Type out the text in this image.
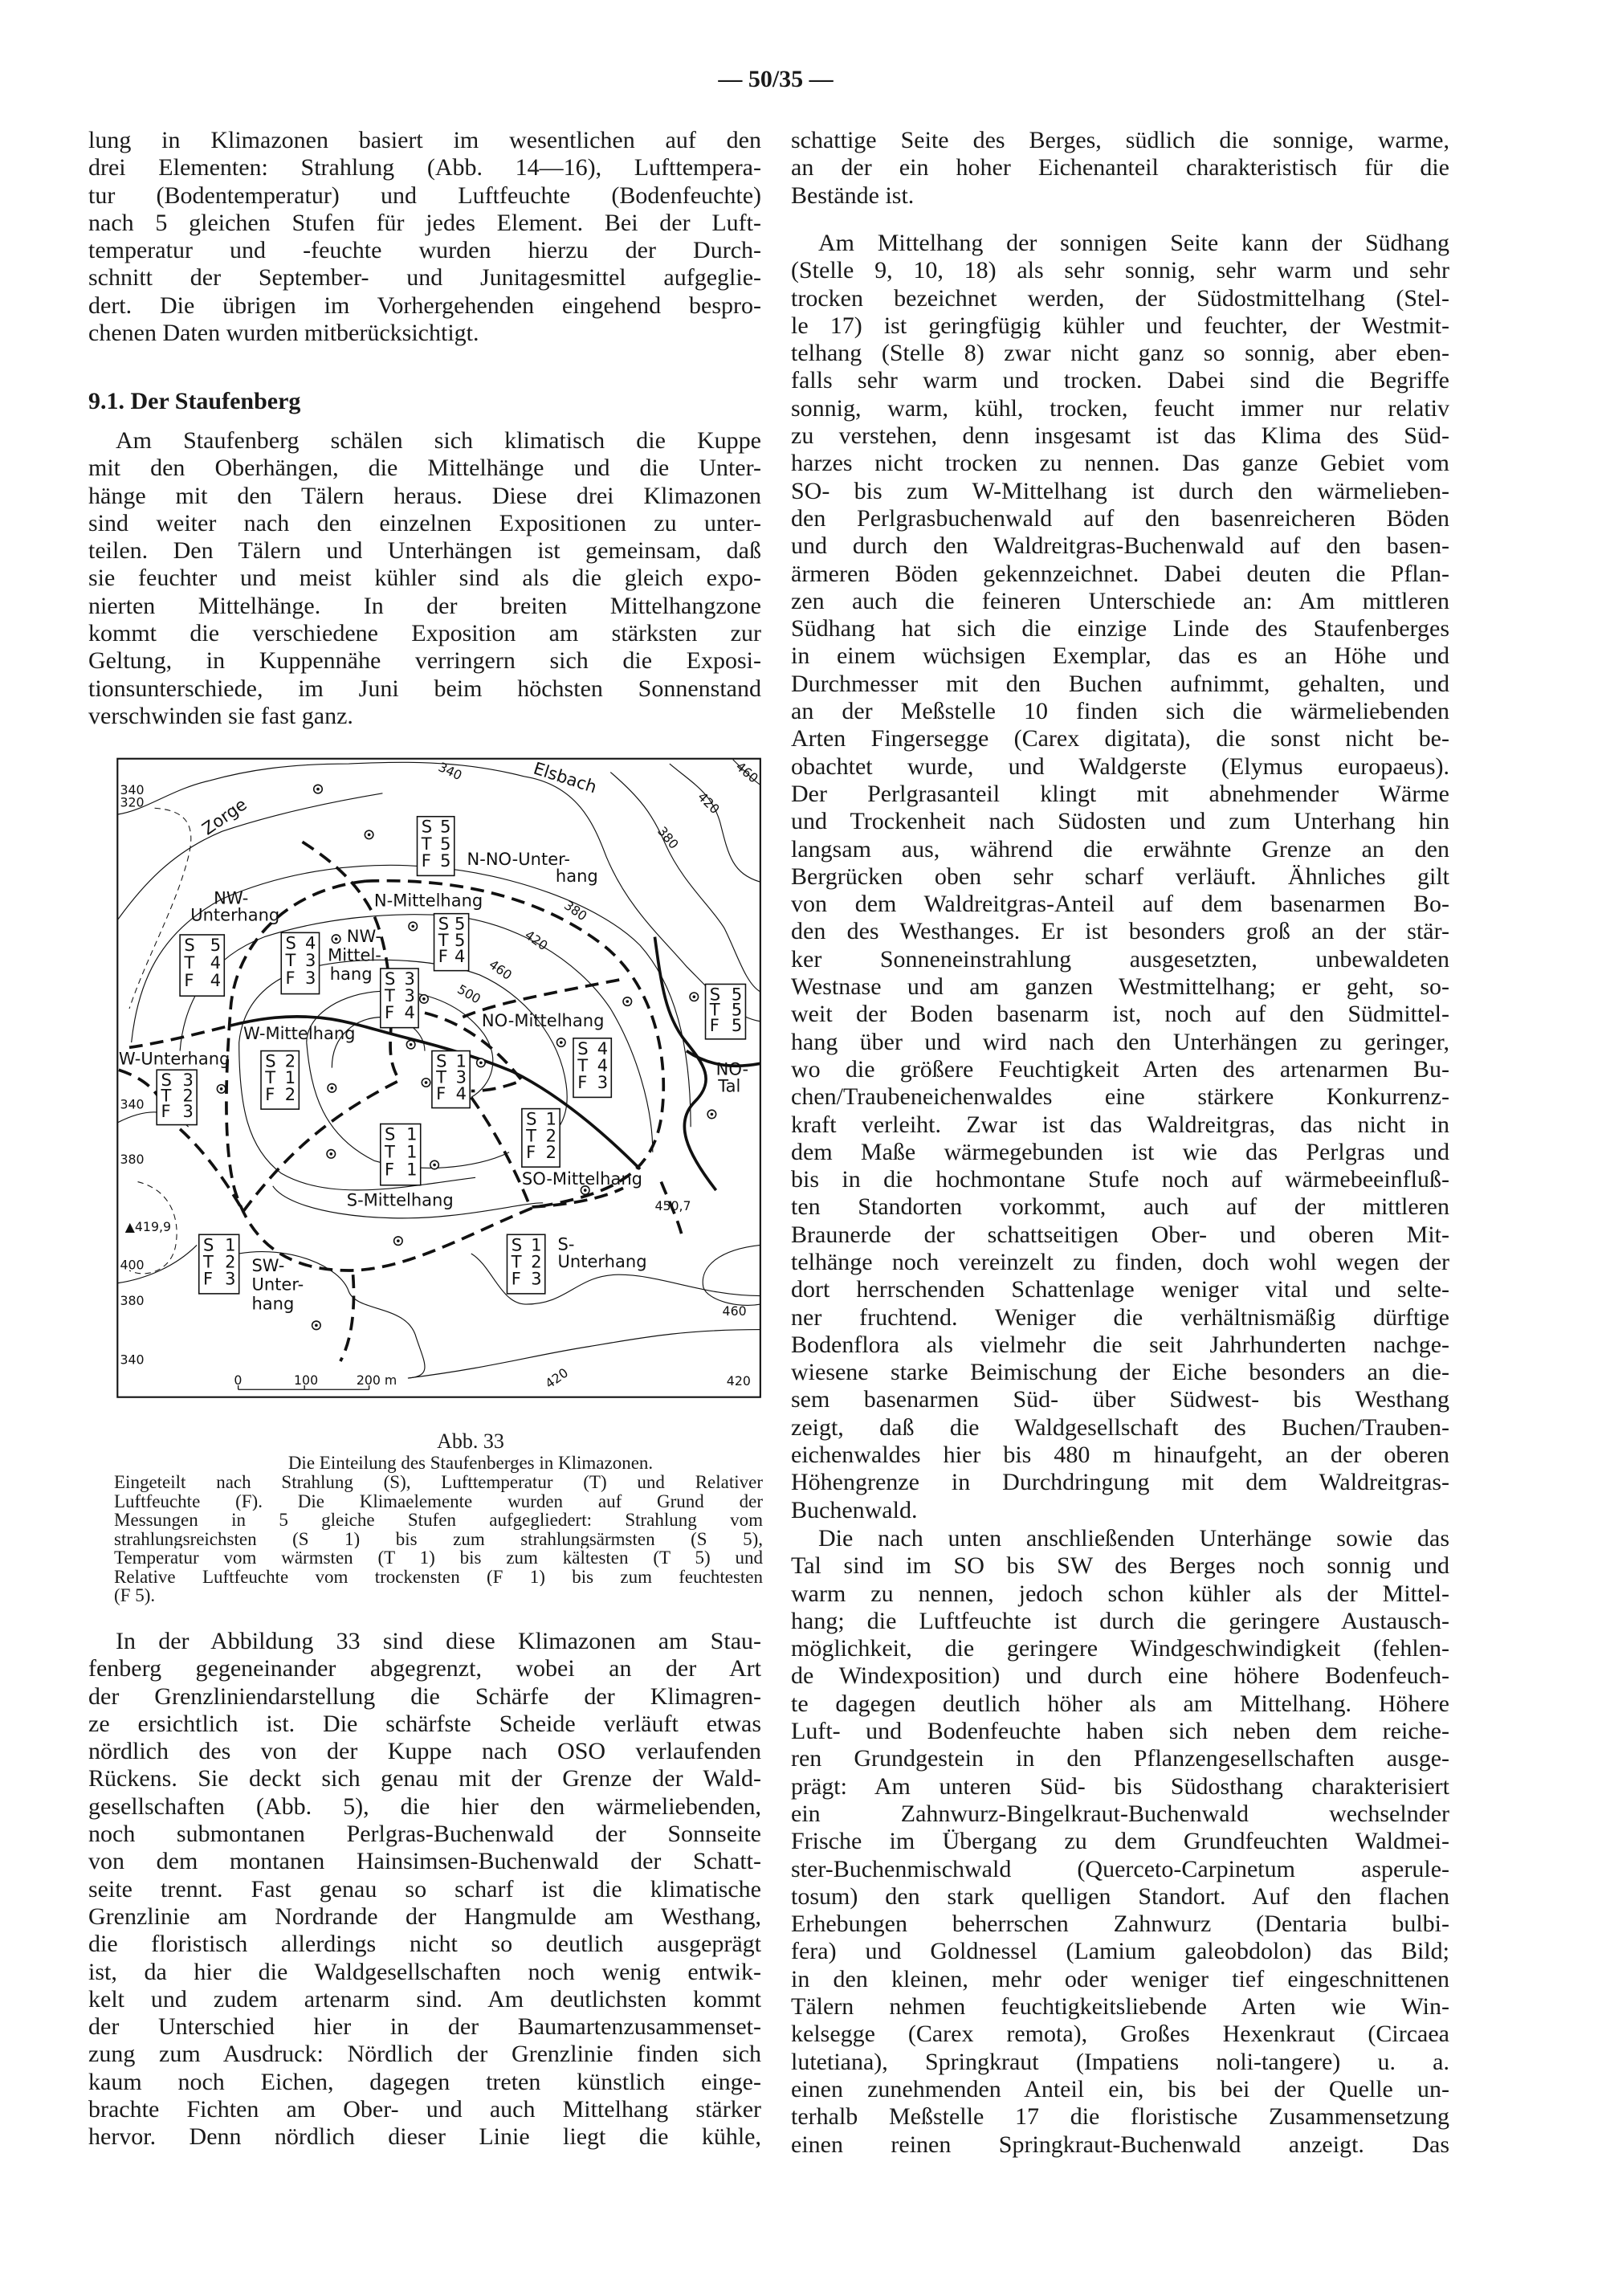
— 50/35 —
lung in Klimazonen basiert im wesentlichen auf den
drei Elementen: Strahlung (Abb. 14—16), Lufttempera-
tur (Bodentemperatur) und Luftfeuchte (Bodenfeuchte)
nach 5 gleichen Stufen für jedes Element. Bei der Luft-
temperatur und -feuchte wurden hierzu der Durch-
schnitt der September- und Junitagesmittel aufgeglie-
dert. Die übrigen im Vorhergehenden eingehend bespro-
chenen Daten wurden mitberücksichtigt.
9.1. Der Staufenberg
Am Staufenberg schälen sich klimatisch die Kuppe
mit den Oberhängen, die Mittelhänge und die Unter-
hänge mit den Tälern heraus. Diese drei Klimazonen
sind weiter nach den einzelnen Expositionen zu unter-
teilen. Den Tälern und Unterhängen ist gemeinsam, daß
sie feuchter und meist kühler sind als die gleich expo-
nierten Mittelhänge. In der breiten Mittelhangzone
kommt die verschiedene Exposition am stärksten zur
Geltung, in Kuppennähe verringern sich die Exposi-
tionsunterschiede, im Juni beim höchsten Sonnenstand
verschwinden sie fast ganz.
S 5
T 5
F 5
S 5
T 5
F 4
S 5
T 4
F 4
S 4
T 3
F 3 S 3
T 3
F 4
S 5
T 5
F 5
S 2
T 1
F 2
S 3
T 2
F 3
S 1
T 3
F 4
S 4
T 4
F 3
S 1
T 2
F 2
S 1
T 1
F 1
S 1
T 2
F 3
S 1
T 2
F 3
N-NO-Unter-
hang
NW-
Unterhang
N-Mittelhang
NW-
Mittel-
hang
W-Mittelhang
NO-Mittelhang
W-Unterhang
NO-
Tal
SO-Mittelhang
S-Mittelhang
S-
Unterhang
SW-
Unter-
hang
Elsbach
Zorge
340
320
340	460
420
380
380
420
460
500
340
380
400
380
340
460
420	420
▲419,9
450,7
0 100 200 m
Abb. 33
Die Einteilung des Staufenberges in Klimazonen.
Eingeteilt nach Strahlung (S), Lufttemperatur (T) und Relativer
Luftfeuchte (F). Die Klimaelemente wurden auf Grund der
Messungen in 5 gleiche Stufen aufgegliedert: Strahlung vom
strahlungsreichsten (S 1) bis zum strahlungsärmsten (S 5),
Temperatur vom wärmsten (T 1) bis zum kältesten (T 5) und
Relative Luftfeuchte vom trockensten (F 1) bis zum feuchtesten
(F 5).
In der Abbildung 33 sind diese Klimazonen am Stau-
fenberg gegeneinander abgegrenzt, wobei an der Art
der Grenzliniendarstellung die Schärfe der Klimagren-
ze ersichtlich ist. Die schärfste Scheide verläuft etwas
nördlich des von der Kuppe nach OSO verlaufenden
Rückens. Sie deckt sich genau mit der Grenze der Wald-
gesellschaften (Abb. 5), die hier den wärmeliebenden,
noch submontanen Perlgras-Buchenwald der Sonnseite
von dem montanen Hainsimsen-Buchenwald der Schatt-
seite trennt. Fast genau so scharf ist die klimatische
Grenzlinie am Nordrande der Hangmulde am Westhang,
die floristisch allerdings nicht so deutlich ausgeprägt
ist, da hier die Waldgesellschaften noch wenig entwik-
kelt und zudem artenarm sind. Am deutlichsten kommt
der Unterschied hier in der Baumartenzusammenset-
zung zum Ausdruck: Nördlich der Grenzlinie finden sich
kaum noch Eichen, dagegen treten künstlich einge-
brachte Fichten am Ober- und auch Mittelhang stärker
hervor. Denn nördlich dieser Linie liegt die kühle,
schattige Seite des Berges, südlich die sonnige, warme,
an der ein hoher Eichenanteil charakteristisch für die
Bestände ist.
Am Mittelhang der sonnigen Seite kann der Südhang
(Stelle 9, 10, 18) als sehr sonnig, sehr warm und sehr
trocken bezeichnet werden, der Südostmittelhang (Stel-
le 17) ist geringfügig kühler und feuchter, der Westmit-
telhang (Stelle 8) zwar nicht ganz so sonnig, aber eben-
falls sehr warm und trocken. Dabei sind die Begriffe
sonnig, warm, kühl, trocken, feucht immer nur relativ
zu verstehen, denn insgesamt ist das Klima des Süd-
harzes nicht trocken zu nennen. Das ganze Gebiet vom
SO- bis zum W-Mittelhang ist durch den wärmelieben-
den Perlgrasbuchenwald auf den basenreicheren Böden
und durch den Waldreitgras-Buchenwald auf den basen-
ärmeren Böden gekennzeichnet. Dabei deuten die Pflan-
zen auch die feineren Unterschiede an: Am mittleren
Südhang hat sich die einzige Linde des Staufenberges
in einem wüchsigen Exemplar, das es an Höhe und
Durchmesser mit den Buchen aufnimmt, gehalten, und
an der Meßstelle 10 finden sich die wärmeliebenden
Arten Fingersegge (Carex digitata), die sonst nicht be-
obachtet wurde, und Waldgerste (Elymus europaeus).
Der Perlgrasanteil klingt mit abnehmender Wärme
und Trockenheit nach Südosten und zum Unterhang hin
langsam aus, während die erwähnte Grenze an den
Bergrücken oben sehr scharf verläuft. Ähnliches gilt
von dem Waldreitgras-Anteil auf dem basenarmen Bo-
den des Westhanges. Er ist besonders groß an der stär-
ker Sonneneinstrahlung ausgesetzten, unbewaldeten
Westnase und am ganzen Westmittelhang; er geht, so-
weit der Boden basenarm ist, noch auf den Südmittel-
hang über und wird nach den Unterhängen zu geringer,
wo die größere Feuchtigkeit Arten des artenarmen Bu-
chen/Traubeneichenwaldes eine stärkere Konkurrenz-
kraft verleiht. Zwar ist das Waldreitgras, das nicht in
dem Maße wärmegebunden ist wie das Perlgras und
bis in die hochmontane Stufe noch auf wärmebeeinfluß-
ten Standorten vorkommt, auch auf der mittleren
Braunerde der schattseitigen Ober- und oberen Mit-
telhänge noch vereinzelt zu finden, doch wohl wegen der
dort herrschenden Schattenlage weniger vital und selte-
ner fruchtend. Weniger die verhältnismäßig dürftige
Bodenflora als vielmehr die seit Jahrhunderten nachge-
wiesene starke Beimischung der Eiche besonders an die-
sem basenarmen Süd- über Südwest- bis Westhang
zeigt, daß die Waldgesellschaft des Buchen/Trauben-
eichenwaldes hier bis 480 m hinaufgeht, an der oberen
Höhengrenze in Durchdringung mit dem Waldreitgras-
Buchenwald.
Die nach unten anschließenden Unterhänge sowie das
Tal sind im SO bis SW des Berges noch sonnig und
warm zu nennen, jedoch schon kühler als der Mittel-
hang; die Luftfeuchte ist durch die geringere Austausch-
möglichkeit, die geringere Windgeschwindigkeit (fehlen-
de Windexposition) und durch eine höhere Bodenfeuch-
te dagegen deutlich höher als am Mittelhang. Höhere
Luft- und Bodenfeuchte haben sich neben dem reiche-
ren Grundgestein in den Pflanzengesellschaften ausge-
prägt: Am unteren Süd- bis Südosthang charakterisiert
ein Zahnwurz-Bingelkraut-Buchenwald wechselnder
Frische im Übergang zu dem Grundfeuchten Waldmei-
ster-Buchenmischwald (Querceto-Carpinetum asperule-
tosum) den stark quelligen Standort. Auf den flachen
Erhebungen beherrschen Zahnwurz (Dentaria bulbi-
fera) und Goldnessel (Lamium galeobdolon) das Bild;
in den kleinen, mehr oder weniger tief eingeschnittenen
Tälern nehmen feuchtigkeitsliebende Arten wie Win-
kelsegge (Carex remota), Großes Hexenkraut (Circaea
lutetiana), Springkraut (Impatiens noli-tangere) u. a.
einen zunehmenden Anteil ein, bis bei der Quelle un-
terhalb Meßstelle 17 die floristische Zusammensetzung
einen reinen Springkraut-Buchenwald anzeigt. Das
